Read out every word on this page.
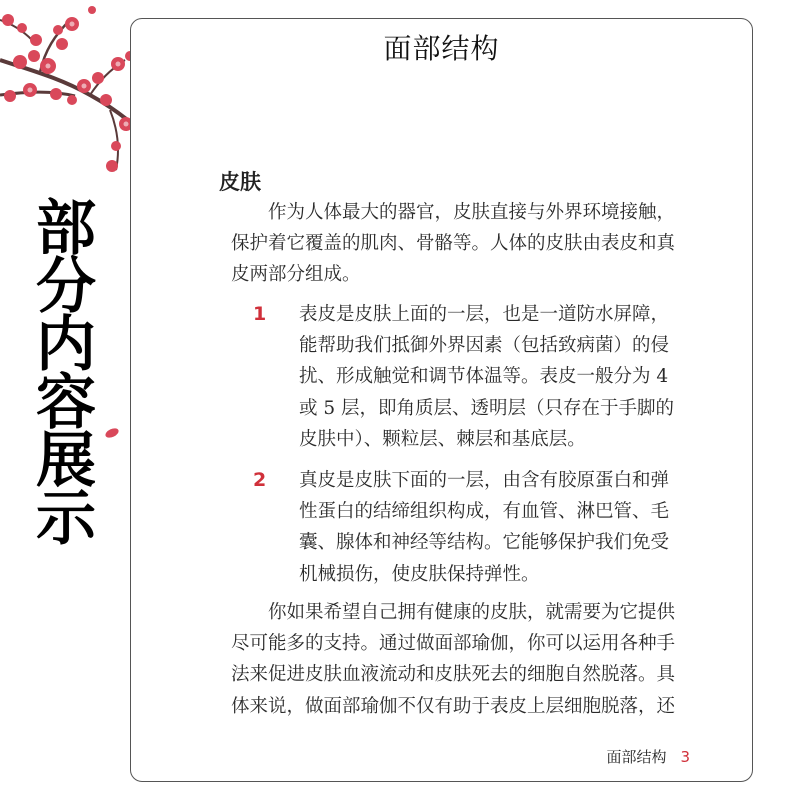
部
分
内
容
展
示
面部结构
皮肤
作为人体最大的器官，皮肤直接与外界环境接触，
保护着它覆盖的肌肉、骨骼等。人体的皮肤由表皮和真
皮两部分组成。
1 表皮是皮肤上面的一层，也是一道防水屏障，
能帮助我们抵御外界因素（包括致病菌）的侵
扰、形成触觉和调节体温等。表皮一般分为 4
或 5 层，即角质层、透明层（只存在于手脚的
皮肤中）、颗粒层、棘层和基底层。
2 真皮是皮肤下面的一层，由含有胶原蛋白和弹
性蛋白的结缔组织构成，有血管、淋巴管、毛
囊、腺体和神经等结构。它能够保护我们免受
机械损伤，使皮肤保持弹性。
你如果希望自己拥有健康的皮肤，就需要为它提供
尽可能多的支持。通过做面部瑜伽，你可以运用各种手
法来促进皮肤血液流动和皮肤死去的细胞自然脱落。具
体来说，做面部瑜伽不仅有助于表皮上层细胞脱落，还
面部结构 3
